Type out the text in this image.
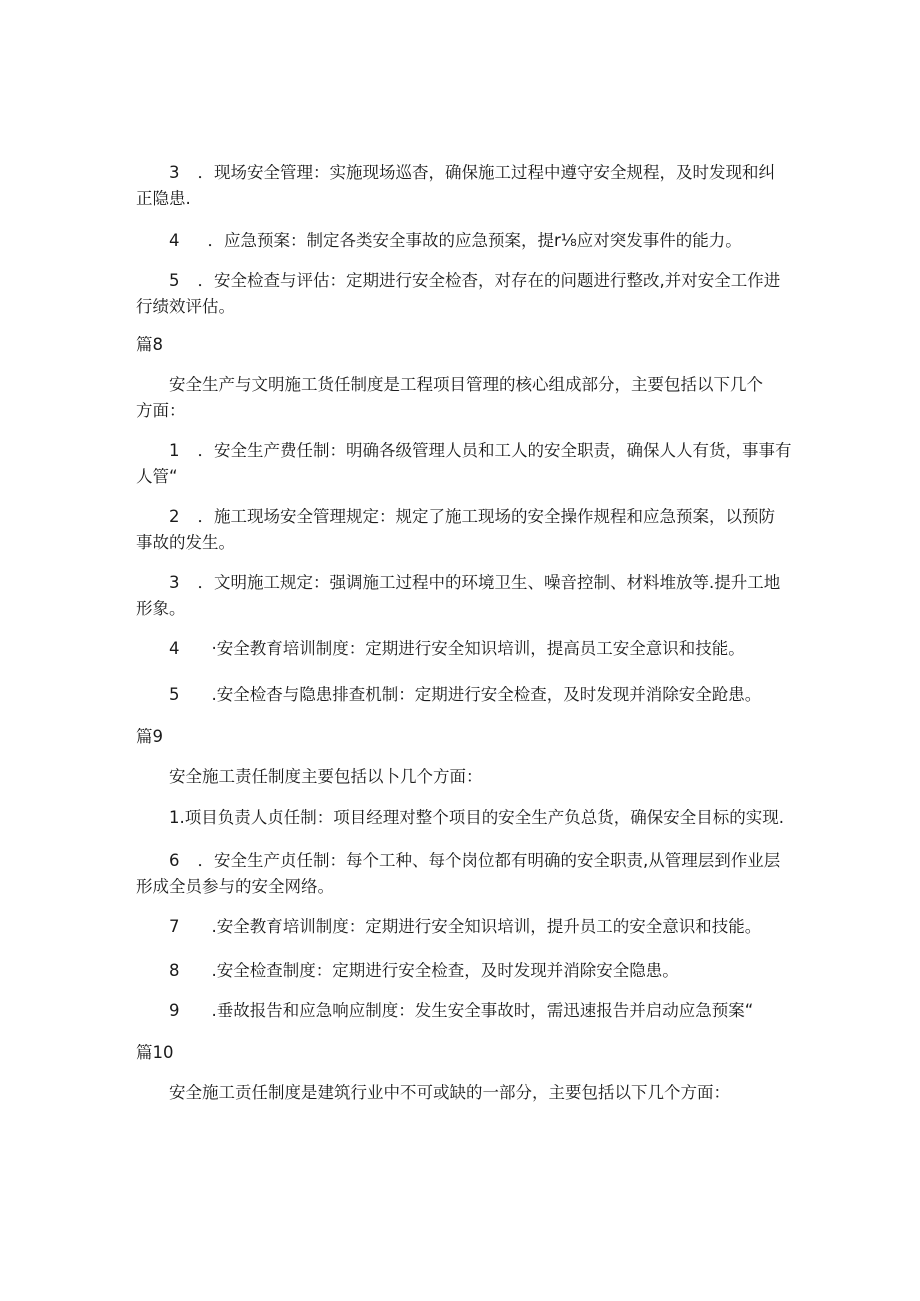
3 ．现场安全管理：实施现场巡杳，确保施工过程中遵守安全规程，及时发现和纠
正隐患.
4 ．应急预案：制定各类安全事故的应急预案，提r⅛应对突发事件的能力。
5 ．安全检查与评估：定期进行安全检杳，对存在的问题进行整改,并对安全工作进
行绩效评估。
篇8
安全生产与文明施工货任制度是工程项目管理的核心组成部分，主要包括以下几个
方面：
1 ．安全生产费任制：明确各级管理人员和工人的安全职责，确保人人有货，事事有
人管“
2 ．施工现场安全管理规定：规定了施工现场的安全操作规程和应急预案，以预防
事故的发生。
3 ．文明施工规定：强调施工过程中的环境卫生、噪音控制、材料堆放等.提升工地
形象。
4 ·安全教育培训制度：定期进行安全知识培训，提高员工安全意识和技能。
5 .安全检杳与隐患排查机制：定期进行安全检查，及时发现并消除安全跄患。
篇9
安全施工责任制度主要包括以卜几个方面：
1.项目负责人贞任制：项目经理对整个项目的安全生产负总货，确保安全目标的实现.
6 ．安全生产贞任制：每个工种、每个岗位都有明确的安全职责,从管理层到作业层
形成全员参与的安全网络。
7 .安全教育培训制度：定期进行安全知识培训，提升员工的安全意识和技能。
8 .安全检查制度：定期进行安全检查，及时发现并消除安全隐患。
9 .垂故报告和应急响应制度：发生安全事故时，需迅速报告并启动应急预案“
篇10
安全施工贡任制度是建筑行业中不可或缺的一部分，主要包括以下几个方面：
